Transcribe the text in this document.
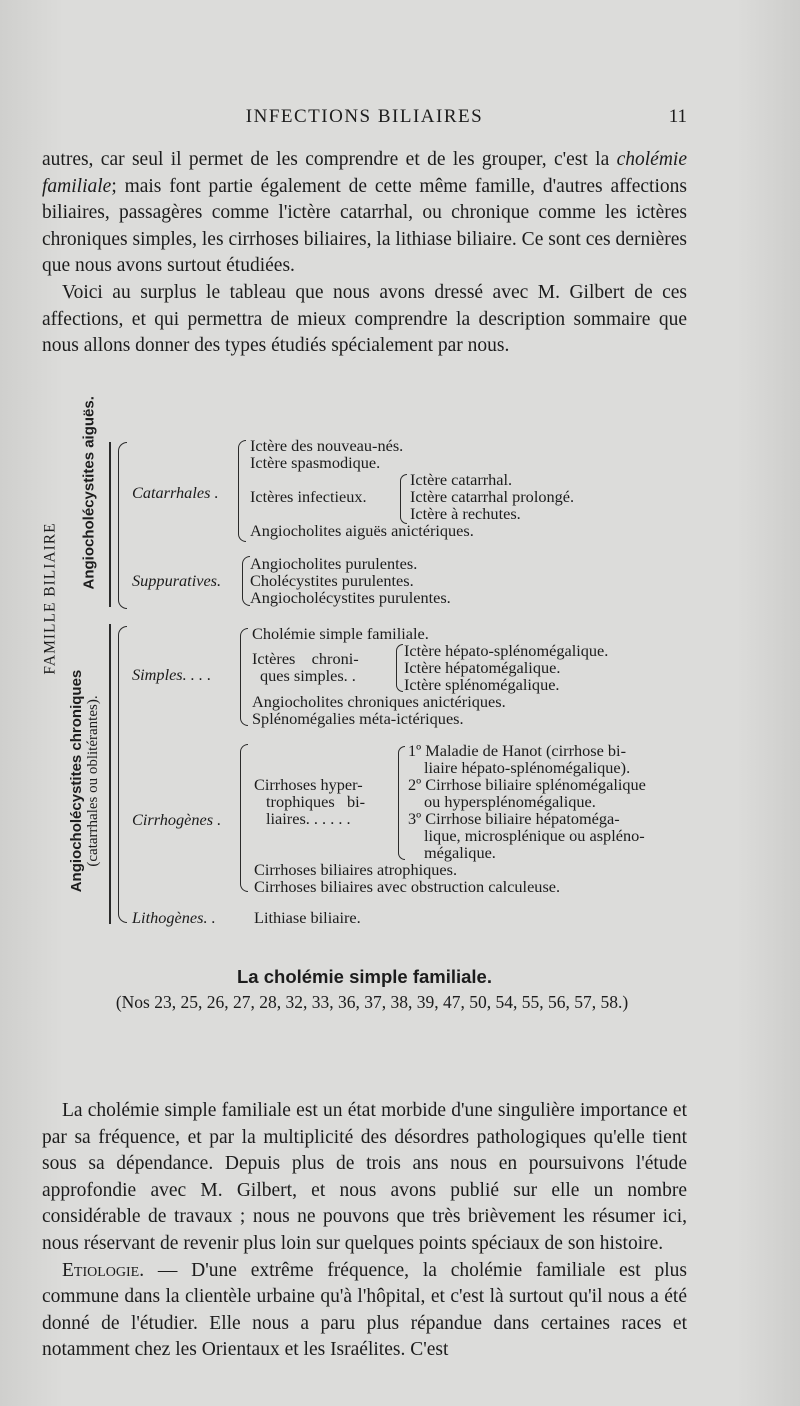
INFECTIONS BILIAIRES	11

autres, car seul il permet de les comprendre et de les grouper, c'est la cholémie familiale; mais font partie également de cette même famille, d'autres affections biliaires, passagères comme l'ictère catarrhal, ou chronique comme les ictères chroniques simples, les cirrhoses biliaires, la lithiase biliaire. Ce sont ces dernières que nous avons surtout étudiées.

Voici au surplus le tableau que nous avons dressé avec M. Gilbert de ces affections, et qui permettra de mieux comprendre la description sommaire que nous allons donner des types étudiés spécialement par nous.

FAMILLE BILIAIRE
Angiocholécystites aiguës.
Angiocholécystites chroniques (catarrhales ou oblitérantes).
Catarrhales .
Ictère des nouveau-nés.
Ictère spasmodique.
Ictères infectieux.
Ictère catarrhal.
Ictère catarrhal prolongé.
Ictère à rechutes.
Angiocholites aiguës anictériques.
Suppuratives.
Angiocholites purulentes.
Cholécystites purulentes.
Angiocholécystites purulentes.
Simples. . . .
Cholémie simple familiale.
Ictères    chroni-
ques simples. .
Ictère hépato-splénomégalique.
Ictère hépatomégalique.
Ictère splénomégalique.
Angiocholites chroniques anictériques.
Splénomégalies méta-ictériques.
Cirrhogènes .
Cirrhoses hyper-
trophiques   bi-
liaires. . . . . .
1º Maladie de Hanot (cirrhose bi-
liaire hépato-splénomégalique).
2º Cirrhose biliaire splénomégalique
ou hypersplénomégalique.
3º Cirrhose biliaire hépatoméga-
lique, microsplénique ou aspléno-
mégalique.
Cirrhoses biliaires atrophiques.
Cirrhoses biliaires avec obstruction calculeuse.
Lithogènes. . Lithiase biliaire.
La cholémie simple familiale.
(Nos 23, 25, 26, 27, 28, 32, 33, 36, 37, 38, 39, 47, 50, 54, 55, 56, 57, 58.)

La cholémie simple familiale est un état morbide d'une singulière importance et par sa fréquence, et par la multiplicité des désordres pathologiques qu'elle tient sous sa dépendance. Depuis plus de trois ans nous en poursuivons l'étude approfondie avec M. Gilbert, et nous avons publié sur elle un nombre considérable de travaux ; nous ne pouvons que très brièvement les résumer ici, nous réservant de revenir plus loin sur quelques points spéciaux de son histoire.

Etiologie. — D'une extrême fréquence, la cholémie familiale est plus commune dans la clientèle urbaine qu'à l'hôpital, et c'est là surtout qu'il nous a été donné de l'étudier. Elle nous a paru plus répandue dans certaines races et notamment chez les Orientaux et les Israélites. C'est
